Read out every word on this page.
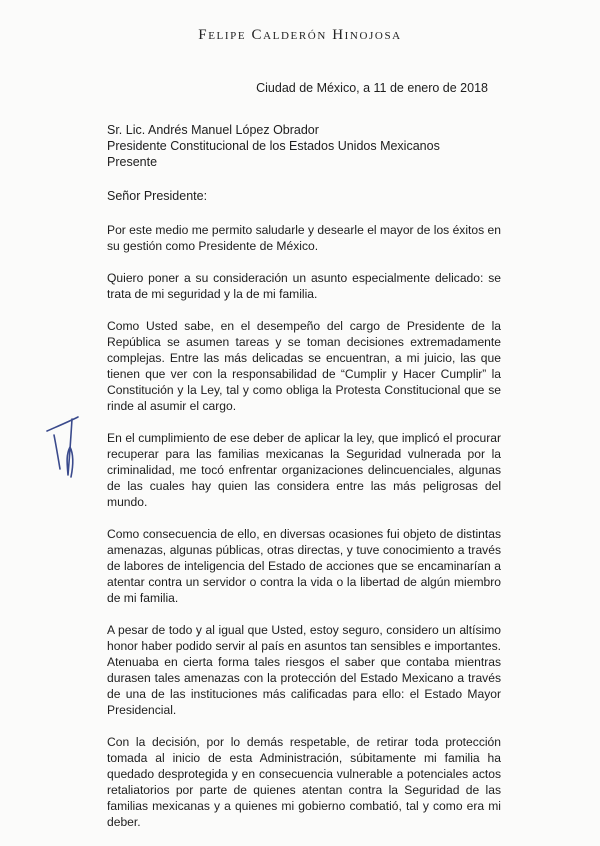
Felipe Calderón Hinojosa
Ciudad de México, a 11 de enero de 2018
Sr. Lic. Andrés Manuel López Obrador
Presidente Constitucional de los Estados Unidos Mexicanos
Presente
Señor Presidente:

Por este medio me permito saludarle y desearle el mayor de los éxitos en su gestión como Presidente de México.

Quiero poner a su consideración un asunto especialmente delicado: se trata de mi seguridad y la de mi familia.

Como Usted sabe, en el desempeño del cargo de Presidente de la República se asumen tareas y se toman decisiones extremadamente complejas. Entre las más delicadas se encuentran, a mi juicio, las que tienen que ver con la responsabilidad de “Cumplir y Hacer Cumplir” la Constitución y la Ley, tal y como obliga la Protesta Constitucional que se rinde al asumir el cargo.

En el cumplimiento de ese deber de aplicar la ley, que implicó el procurar recuperar para las familias mexicanas la Seguridad vulnerada por la criminalidad, me tocó enfrentar organizaciones delincuenciales, algunas de las cuales hay quien las considera entre las más peligrosas del mundo.

Como consecuencia de ello, en diversas ocasiones fui objeto de distintas amenazas, algunas públicas, otras directas, y tuve conocimiento a través de labores de inteligencia del Estado de acciones que se encaminarían a atentar contra un servidor o contra la vida o la libertad de algún miembro de mi familia.

A pesar de todo y al igual que Usted, estoy seguro, considero un altísimo honor haber podido servir al país en asuntos tan sensibles e importantes. Atenuaba en cierta forma tales riesgos el saber que contaba mientras durasen tales amenazas con la protección del Estado Mexicano a través de una de las instituciones más calificadas para ello: el Estado Mayor Presidencial.

Con la decisión, por lo demás respetable, de retirar toda protección tomada al inicio de esta Administración, súbitamente mi familia ha quedado desprotegida y en consecuencia vulnerable a potenciales actos retaliatorios por parte de quienes atentan contra la Seguridad de las familias mexicanas y a quienes mi gobierno combatió, tal y como era mi deber.
